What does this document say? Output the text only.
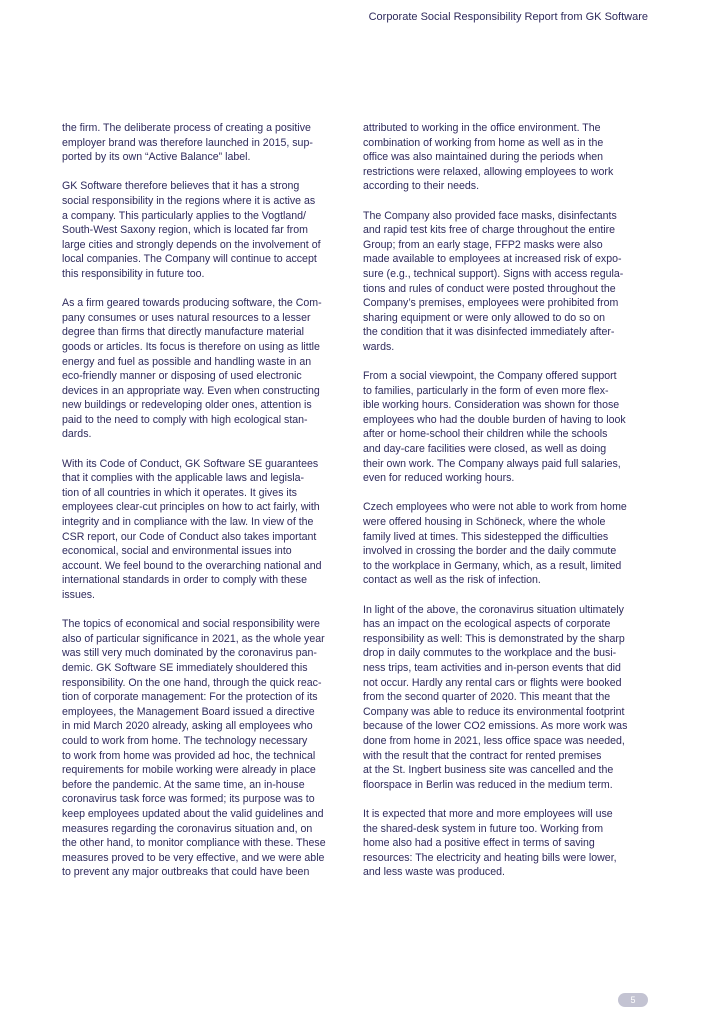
Corporate Social Responsibility Report from GK Software

the firm. The deliberate process of creating a positive
employer brand was therefore launched in 2015, sup-
ported by its own “Active Balance” label.

GK Software therefore believes that it has a strong
social responsibility in the regions where it is active as
a company. This particularly applies to the Vogtland/
South-West Saxony region, which is located far from
large cities and strongly depends on the involvement of
local companies. The Company will continue to accept
this responsibility in future too.

As a firm geared towards producing software, the Com-
pany consumes or uses natural resources to a lesser
degree than firms that directly manufacture material
goods or articles. Its focus is therefore on using as little
energy and fuel as possible and handling waste in an
eco-friendly manner or disposing of used electronic
devices in an appropriate way. Even when constructing
new buildings or redeveloping older ones, attention is
paid to the need to comply with high ecological stan-
dards.

With its Code of Conduct, GK Software SE guarantees
that it complies with the applicable laws and legisla-
tion of all countries in which it operates. It gives its
employees clear-cut principles on how to act fairly, with
integrity and in compliance with the law. In view of the
CSR report, our Code of Conduct also takes important
economical, social and environmental issues into
account. We feel bound to the overarching national and
international standards in order to comply with these
issues.

The topics of economical and social responsibility were
also of particular significance in 2021, as the whole year
was still very much dominated by the coronavirus pan-
demic. GK Software SE immediately shouldered this
responsibility. On the one hand, through the quick reac-
tion of corporate management: For the protection of its
employees, the Management Board issued a directive
in mid March 2020 already, asking all employees who
could to work from home. The technology necessary
to work from home was provided ad hoc, the technical
requirements for mobile working were already in place
before the pandemic. At the same time, an in-house
coronavirus task force was formed; its purpose was to
keep employees updated about the valid guidelines and
measures regarding the coronavirus situation and, on
the other hand, to monitor compliance with these. These
measures proved to be very effective, and we were able
to prevent any major outbreaks that could have been

attributed to working in the office environment. The
combination of working from home as well as in the
office was also maintained during the periods when
restrictions were relaxed, allowing employees to work
according to their needs.

The Company also provided face masks, disinfectants
and rapid test kits free of charge throughout the entire
Group; from an early stage, FFP2 masks were also
made available to employees at increased risk of expo-
sure (e.g., technical support). Signs with access regula-
tions and rules of conduct were posted throughout the
Company’s premises, employees were prohibited from
sharing equipment or were only allowed to do so on
the condition that it was disinfected immediately after-
wards.

From a social viewpoint, the Company offered support
to families, particularly in the form of even more flex-
ible working hours. Consideration was shown for those
employees who had the double burden of having to look
after or home-school their children while the schools
and day-care facilities were closed, as well as doing
their own work. The Company always paid full salaries,
even for reduced working hours.

Czech employees who were not able to work from home
were offered housing in Schöneck, where the whole
family lived at times. This sidestepped the difficulties
involved in crossing the border and the daily commute
to the workplace in Germany, which, as a result, limited
contact as well as the risk of infection.

In light of the above, the coronavirus situation ultimately
has an impact on the ecological aspects of corporate
responsibility as well: This is demonstrated by the sharp
drop in daily commutes to the workplace and the busi-
ness trips, team activities and in-person events that did
not occur. Hardly any rental cars or flights were booked
from the second quarter of 2020. This meant that the
Company was able to reduce its environmental footprint
because of the lower CO2 emissions. As more work was
done from home in 2021, less office space was needed,
with the result that the contract for rented premises
at the St. Ingbert business site was cancelled and the
floorspace in Berlin was reduced in the medium term.

It is expected that more and more employees will use
the shared-desk system in future too. Working from
home also had a positive effect in terms of saving
resources: The electricity and heating bills were lower,
and less waste was produced.

5
